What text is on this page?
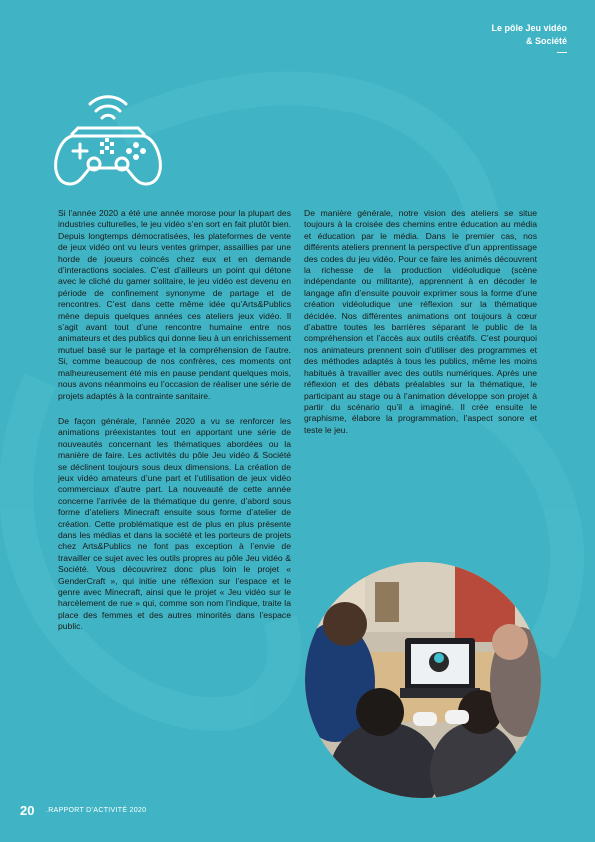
Le pôle Jeu vidéo
& Société

Si l’année 2020 a été une année morose pour la plupart des industries culturelles, le jeu vidéo s’en sort en fait plutôt bien. Depuis longtemps démocratisées, les plateformes de vente de jeux vidéo ont vu leurs ventes grimper, assaillies par une horde de joueurs coincés chez eux et en demande d’interactions sociales. C’est d’ailleurs un point qui détone avec le cliché du gamer solitaire, le jeu vidéo est devenu en période de confinement synonyme de partage et de rencontres. C’est dans cette même idée qu’Arts&Publics mène depuis quelques années ces ateliers jeux vidéo. Il s’agit avant tout d’une rencontre humaine entre nos animateurs et des publics qui donne lieu à un enrichissement mutuel basé sur le partage et la compréhension de l’autre. Si, comme beaucoup de nos confrères, ces moments ont malheureusement été mis en pause pendant quelques mois, nous avons néanmoins eu l’occasion de réaliser une série de projets adaptés à la contrainte sanitaire.

De façon générale, l’année 2020 a vu se renforcer les animations préexistantes tout en apportant une série de nouveautés concernant les thématiques abordées ou la manière de faire. Les activités du pôle Jeu vidéo & Société se déclinent toujours sous deux dimensions. La création de jeux vidéo amateurs d’une part et l’utilisation de jeux vidéo commerciaux d’autre part. La nouveauté de cette année concerne l’arrivée de la thématique du genre, d’abord sous forme d’ateliers Minecraft ensuite sous forme d’atelier de création. Cette problématique est de plus en plus présente dans les médias et dans la société et les porteurs de projets chez Arts&Publics ne font pas exception à l’envie de travailler ce sujet avec les outils propres au pôle Jeu vidéo & Société. Vous découvrirez donc plus loin le projet « GenderCraft », qui initie une réflexion sur l’espace et le genre avec Minecraft, ainsi que le projet « Jeu vidéo sur le harcèlement de rue » qui, comme son nom l’indique, traite la place des femmes et des autres minorités dans l’espace public.

De manière générale, notre vision des ateliers se situe toujours à la croisée des chemins entre éducation au média et éducation par le média. Dans le premier cas, nos différents ateliers prennent la perspective d’un apprentissage des codes du jeu vidéo. Pour ce faire les animés découvrent la richesse de la production vidéoludique (scène indépendante ou militante), apprennent à en décoder le langage afin d’ensuite pouvoir exprimer sous la forme d’une création vidéoludique une réflexion sur la thématique décidée. Nos différentes animations ont toujours à cœur d’abattre toutes les barrières séparant le public de la compréhension et l’accès aux outils créatifs. C’est pourquoi nos animateurs prennent soin d’utiliser des programmes et des méthodes adaptés à tous les publics, même les moins habitués à travailler avec des outils numériques. Après une réflexion et des débats préalables sur la thématique, le participant au stage ou à l’animation développe son projet à partir du scénario qu’il a imaginé. Il crée ensuite le graphisme, élabore la programmation, l’aspect sonore et teste le jeu.

20 .RAPPORT D’ACTIVITÉ 2020
